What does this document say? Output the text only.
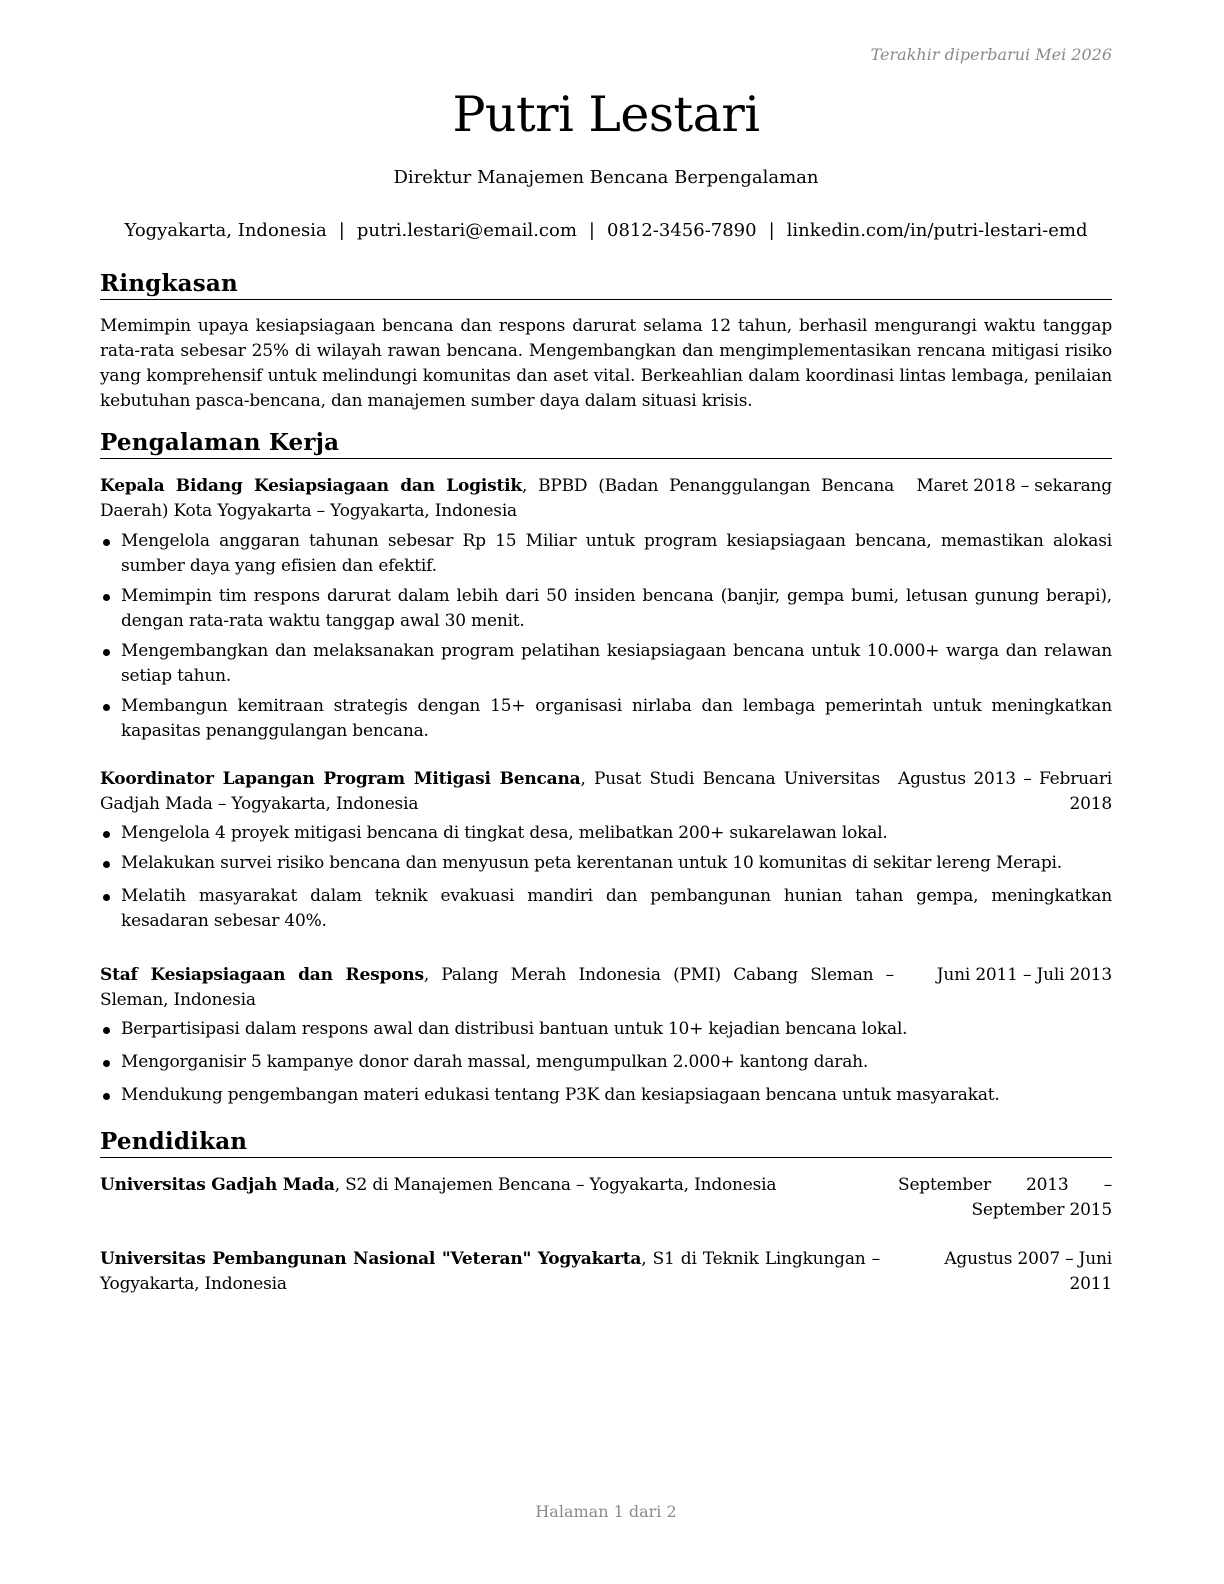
Terakhir diperbarui Mei 2026
Putri Lestari
Direktur Manajemen Bencana Berpengalaman
Yogyakarta, Indonesia | putri.lestari@email.com | 0812-3456-7890 | linkedin.com/in/putri-lestari-emd
Ringkasan
Memimpin upaya kesiapsiagaan bencana dan respons darurat selama 12 tahun, berhasil mengurangi waktu tanggap rata-rata sebesar 25% di wilayah rawan bencana. Mengembangkan dan mengimplementasikan rencana mitigasi risiko yang komprehensif untuk melindungi komunitas dan aset vital. Berkeahlian dalam koordinasi lintas lembaga, penilaian kebutuhan pasca-bencana, dan manajemen sumber daya dalam situasi krisis.
Pengalaman Kerja
Maret 2018 – sekarang
Kepala Bidang Kesiapsiagaan dan Logistik, BPBD (Badan Penanggulangan Bencana Daerah) Kota Yogyakarta – Yogyakarta, Indonesia
Mengelola anggaran tahunan sebesar Rp 15 Miliar untuk program kesiapsiagaan bencana, memastikan alokasi sumber daya yang efisien dan efektif.
Memimpin tim respons darurat dalam lebih dari 50 insiden bencana (banjir, gempa bumi, letusan gunung berapi), dengan rata-rata waktu tanggap awal 30 menit.
Mengembangkan dan melaksanakan program pelatihan kesiapsiagaan bencana untuk 10.000+ warga dan relawan setiap tahun.
Membangun kemitraan strategis dengan 15+ organisasi nirlaba dan lembaga pemerintah untuk meningkatkan kapasitas penanggulangan bencana.
Agustus 2013 – Februari 2018
Koordinator Lapangan Program Mitigasi Bencana, Pusat Studi Bencana Universitas Gadjah Mada – Yogyakarta, Indonesia
Mengelola 4 proyek mitigasi bencana di tingkat desa, melibatkan 200+ sukarelawan lokal.
Melakukan survei risiko bencana dan menyusun peta kerentanan untuk 10 komunitas di sekitar lereng Merapi.
Melatih masyarakat dalam teknik evakuasi mandiri dan pembangunan hunian tahan gempa, meningkatkan kesadaran sebesar 40%.
Juni 2011 – Juli 2013
Staf Kesiapsiagaan dan Respons, Palang Merah Indonesia (PMI) Cabang Sleman – Sleman, Indonesia
Berpartisipasi dalam respons awal dan distribusi bantuan untuk 10+ kejadian bencana lokal.
Mengorganisir 5 kampanye donor darah massal, mengumpulkan 2.000+ kantong darah.
Mendukung pengembangan materi edukasi tentang P3K dan kesiapsiagaan bencana untuk masyarakat.
Pendidikan
September 2013 – September 2015
Universitas Gadjah Mada, S2 di Manajemen Bencana – Yogyakarta, Indonesia
Agustus 2007 – Juni 2011
Universitas Pembangunan Nasional "Veteran" Yogyakarta, S1 di Teknik Lingkungan – Yogyakarta, Indonesia
Halaman 1 dari 2
